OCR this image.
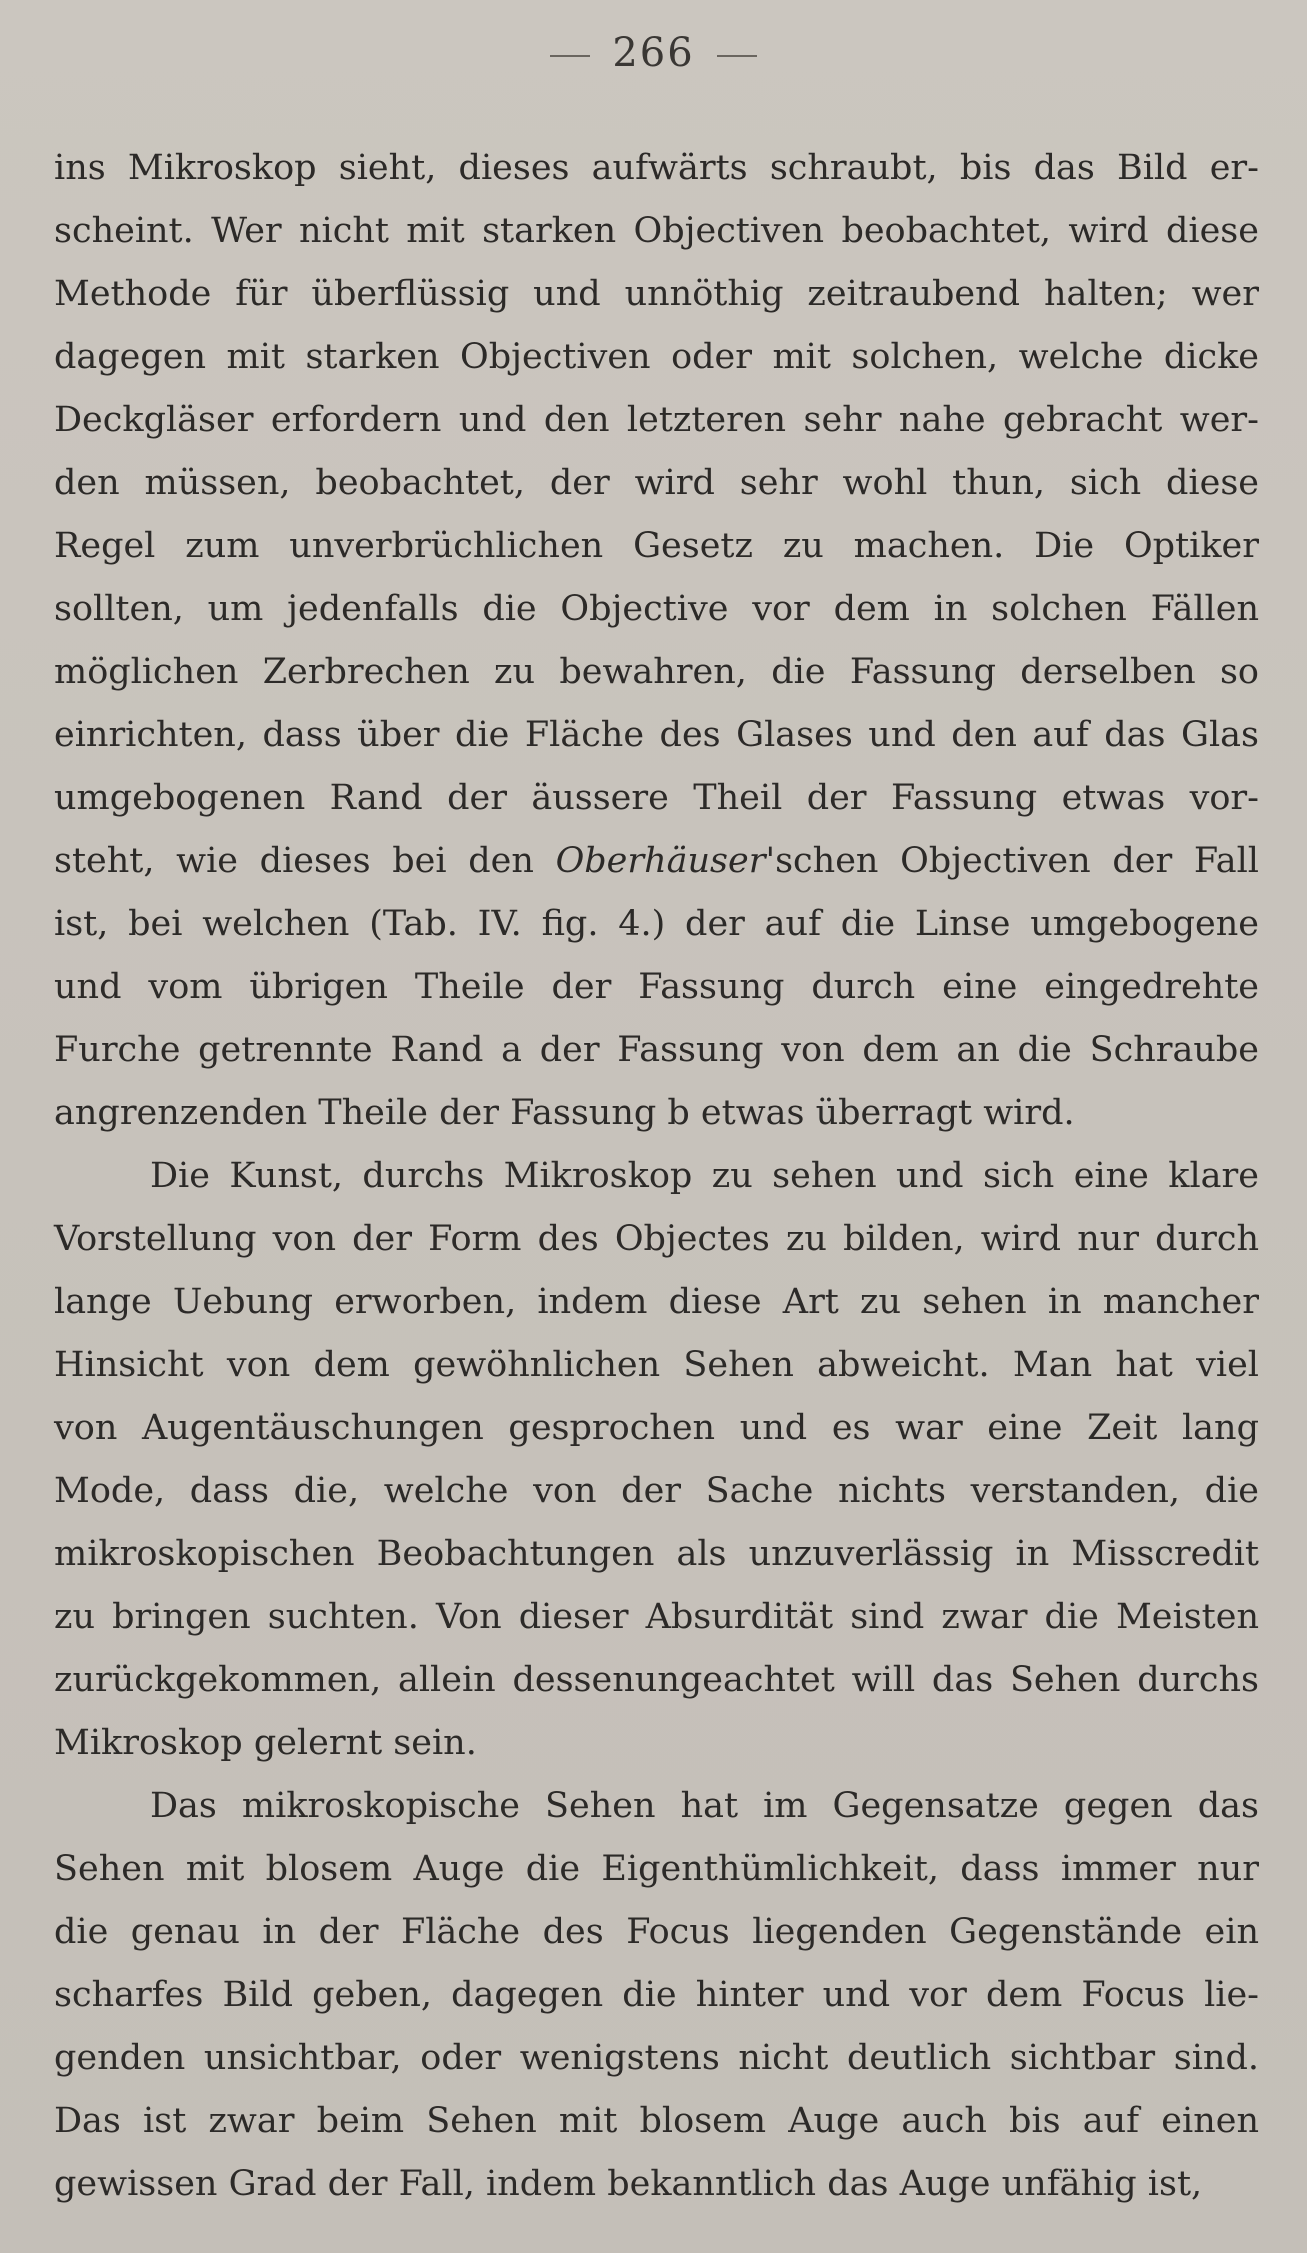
266
ins Mikroskop sieht, dieses aufwärts schraubt, bis das Bild er-
scheint. Wer nicht mit starken Objectiven beobachtet, wird diese
Methode für überflüssig und unnöthig zeitraubend halten; wer
dagegen mit starken Objectiven oder mit solchen, welche dicke
Deckgläser erfordern und den letzteren sehr nahe gebracht wer-
den müssen, beobachtet, der wird sehr wohl thun, sich diese
Regel zum unverbrüchlichen Gesetz zu machen. Die Optiker
sollten, um jedenfalls die Objective vor dem in solchen Fällen
möglichen Zerbrechen zu bewahren, die Fassung derselben so
einrichten, dass über die Fläche des Glases und den auf das Glas
umgebogenen Rand der äussere Theil der Fassung etwas vor-
steht, wie dieses bei den Oberhäuser'schen Objectiven der Fall
ist, bei welchen (Tab. IV. fig. 4.) der auf die Linse umgebogene
und vom übrigen Theile der Fassung durch eine eingedrehte
Furche getrennte Rand a der Fassung von dem an die Schraube
angrenzenden Theile der Fassung b etwas überragt wird.
Die Kunst, durchs Mikroskop zu sehen und sich eine klare
Vorstellung von der Form des Objectes zu bilden, wird nur durch
lange Uebung erworben, indem diese Art zu sehen in mancher
Hinsicht von dem gewöhnlichen Sehen abweicht. Man hat viel
von Augentäuschungen gesprochen und es war eine Zeit lang
Mode, dass die, welche von der Sache nichts verstanden, die
mikroskopischen Beobachtungen als unzuverlässig in Misscredit
zu bringen suchten. Von dieser Absurdität sind zwar die Meisten
zurückgekommen, allein dessenungeachtet will das Sehen durchs
Mikroskop gelernt sein.
Das mikroskopische Sehen hat im Gegensatze gegen das
Sehen mit blosem Auge die Eigenthümlichkeit, dass immer nur
die genau in der Fläche des Focus liegenden Gegenstände ein
scharfes Bild geben, dagegen die hinter und vor dem Focus lie-
genden unsichtbar, oder wenigstens nicht deutlich sichtbar sind.
Das ist zwar beim Sehen mit blosem Auge auch bis auf einen
gewissen Grad der Fall, indem bekanntlich das Auge unfähig ist,
